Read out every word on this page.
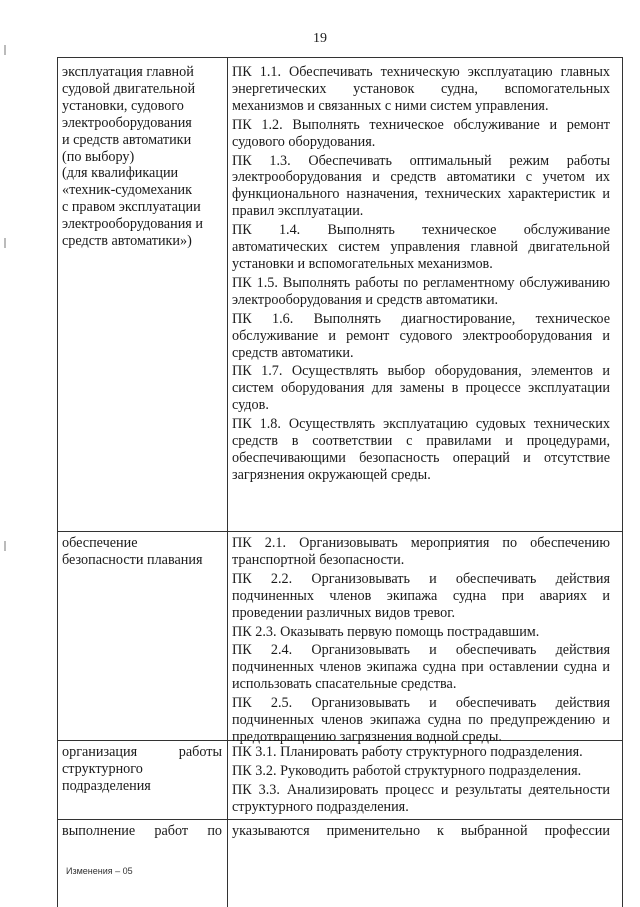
19
эксплуатация главной
судовой двигательной
установки, судового
электрооборудования
и средств автоматики
(по выбору)
(для квалификации
«техник-судомеханик
с правом эксплуатации
электрооборудования и
средств автоматики»)
ПК 1.1. Обеспечивать техническую эксплуатацию главных энергетических установок судна, вспомогательных механизмов и связанных с ними систем управления.
ПК 1.2. Выполнять техническое обслуживание и ремонт судового оборудования.
ПК 1.3. Обеспечивать оптимальный режим работы электрооборудования и средств автоматики с учетом их функционального назначения, технических характеристик и правил эксплуатации.
ПК 1.4. Выполнять техническое обслуживание автоматических систем управления главной двигательной установки и вспомогательных механизмов.
ПК 1.5. Выполнять работы по регламентному обслуживанию электрооборудования и средств автоматики.
ПК 1.6. Выполнять диагностирование, техническое обслуживание и ремонт судового электрооборудования и средств автоматики.
ПК 1.7. Осуществлять выбор оборудования, элементов и систем оборудования для замены в процессе эксплуатации судов.
ПК 1.8. Осуществлять эксплуатацию судовых технических средств в соответствии с правилами и процедурами, обеспечивающими безопасность операций и отсутствие загрязнения окружающей среды.
обеспечение
безопасности плавания
ПК 2.1. Организовывать мероприятия по обеспечению транспортной безопасности.
ПК 2.2. Организовывать и обеспечивать действия подчиненных членов экипажа судна при авариях и проведении различных видов тревог.
ПК 2.3. Оказывать первую помощь пострадавшим.
ПК 2.4. Организовывать и обеспечивать действия подчиненных членов экипажа судна при оставлении судна и использовать спасательные средства.
ПК 2.5. Организовывать и обеспечивать действия подчиненных членов экипажа судна по предупреждению и предотвращению загрязнения водной среды.
организация	работы
структурного
подразделения
ПК 3.1. Планировать работу структурного подразделения.
ПК 3.2. Руководить работой структурного подразделения.
ПК 3.3. Анализировать процесс и результаты деятельности структурного подразделения.
выполнение работ по указываются применительно к выбранной профессии
Изменения – 05
